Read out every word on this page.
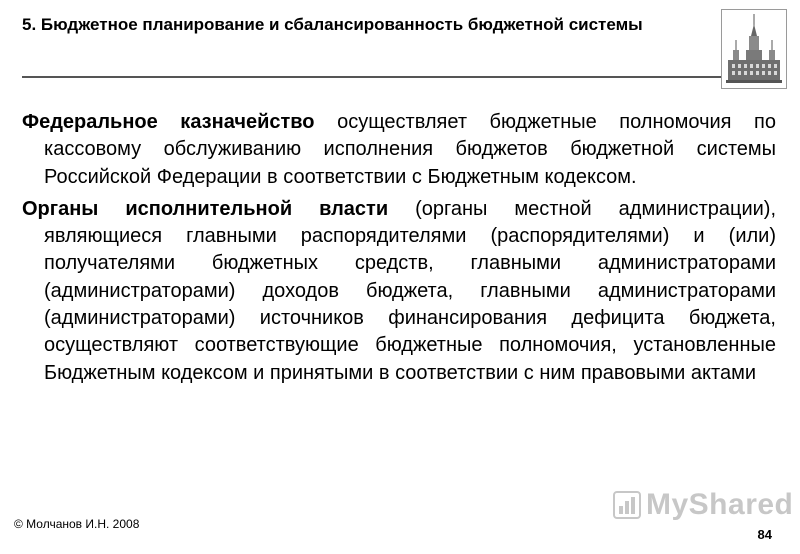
5. Бюджетное планирование и сбалансированность бюджетной системы

Федеральное казначейство осуществляет бюджетные полномочия по кассовому обслуживанию исполнения бюджетов бюджетной системы Российской Федерации в соответствии с Бюджетным кодексом.

Органы исполнительной власти (органы местной администрации), являющиеся главными распорядителями (распорядителями) и (или) получателями бюджетных средств, главными администраторами (администраторами) доходов бюджета, главными администраторами (администраторами) источников финансирования дефицита бюджета, осуществляют соответствующие бюджетные полномочия, установленные Бюджетным кодексом и принятыми в соответствии с ним правовыми актами

MyShared
© Молчанов И.Н. 2008
84
